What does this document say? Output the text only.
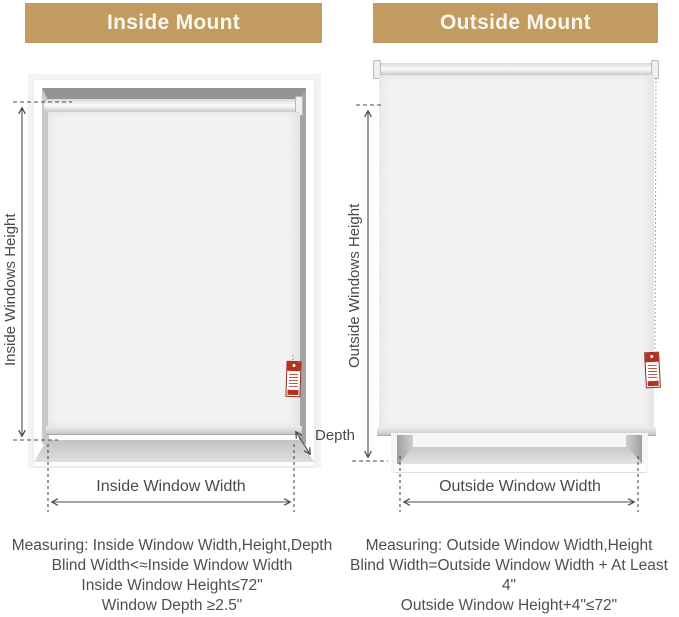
Inside Mount	Outside Mount
Inside Windows Height
Inside Window Width
Depth
Outside Windows Height
Outside Window Width
Measuring: Inside Window Width,Height,Depth
Blind Width<≈Inside Window Width
Inside Window Height≤72"
Window Depth ≥2.5"
Measuring: Outside Window Width,Height
Blind Width=Outside Window Width + At Least 4"
Outside Window Height+4"≤72"
